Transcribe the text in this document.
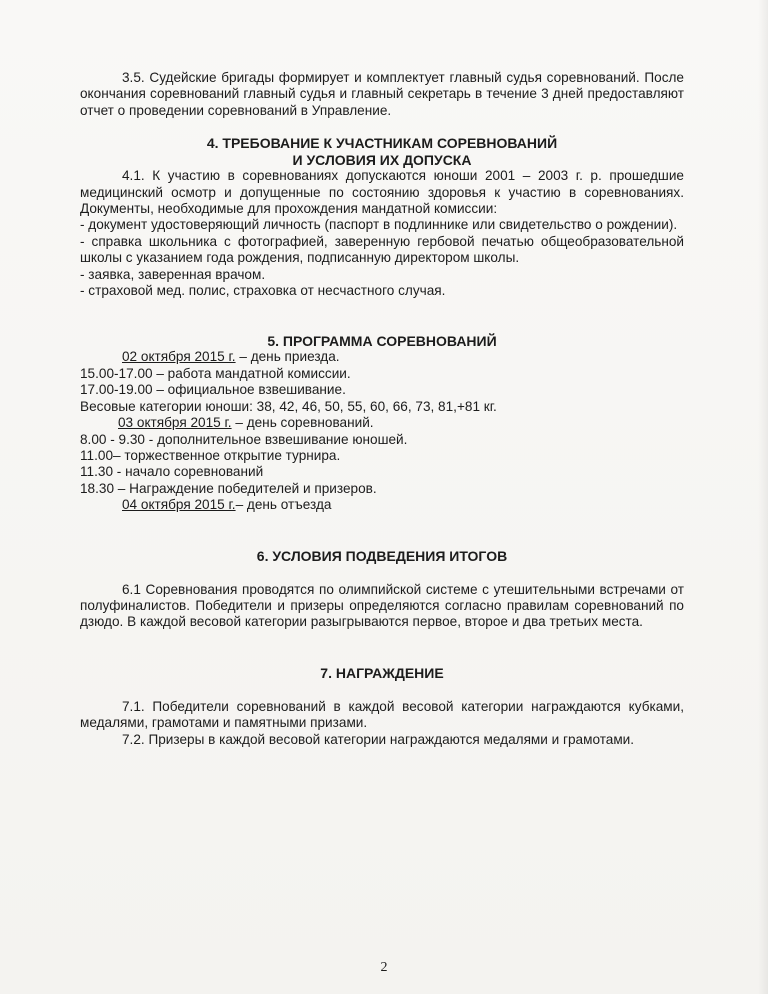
3.5. Судейские бригады формирует и комплектует главный судья соревнований. После окончания соревнований главный судья и главный секретарь в течение 3 дней предоставляют отчет о проведении соревнований в Управление.

4. ТРЕБОВАНИЕ К УЧАСТНИКАМ СОРЕВНОВАНИЙ

И УСЛОВИЯ ИХ ДОПУСКА

4.1. К участию в соревнованиях допускаются юноши 2001 – 2003 г. р. прошедшие медицинский осмотр и допущенные по состоянию здоровья к участию в соревнованиях. Документы, необходимые для прохождения мандатной комиссии:

- документ удостоверяющий личность (паспорт в подлиннике или свидетельство о рождении).

- справка школьника с фотографией, заверенную гербовой печатью общеобразовательной школы с указанием года рождения, подписанную директором школы.

- заявка, заверенная врачом.

- страховой мед. полис, страховка от несчастного случая.

5. ПРОГРАММА СОРЕВНОВАНИЙ

02 октября 2015 г. – день приезда.

15.00-17.00 – работа мандатной комиссии.

17.00-19.00 – официальное взвешивание.

Весовые категории юноши: 38, 42, 46, 50, 55, 60, 66, 73, 81,+81 кг.

03 октября 2015 г. – день соревнований.

8.00 - 9.30 - дополнительное взвешивание юношей.

11.00– торжественное открытие турнира.

11.30 - начало соревнований

18.30 – Награждение победителей и призеров.

04 октября 2015 г.– день отъезда

6. УСЛОВИЯ ПОДВЕДЕНИЯ ИТОГОВ

6.1 Соревнования проводятся по олимпийской системе с утешительными встречами от полуфиналистов. Победители и призеры определяются согласно правилам соревнований по дзюдо. В каждой весовой категории разыгрываются первое, второе и два третьих места.

7. НАГРАЖДЕНИЕ

7.1. Победители соревнований в каждой весовой категории награждаются кубками, медалями, грамотами и памятными призами.

7.2. Призеры в каждой весовой категории награждаются медалями и грамотами.

2
